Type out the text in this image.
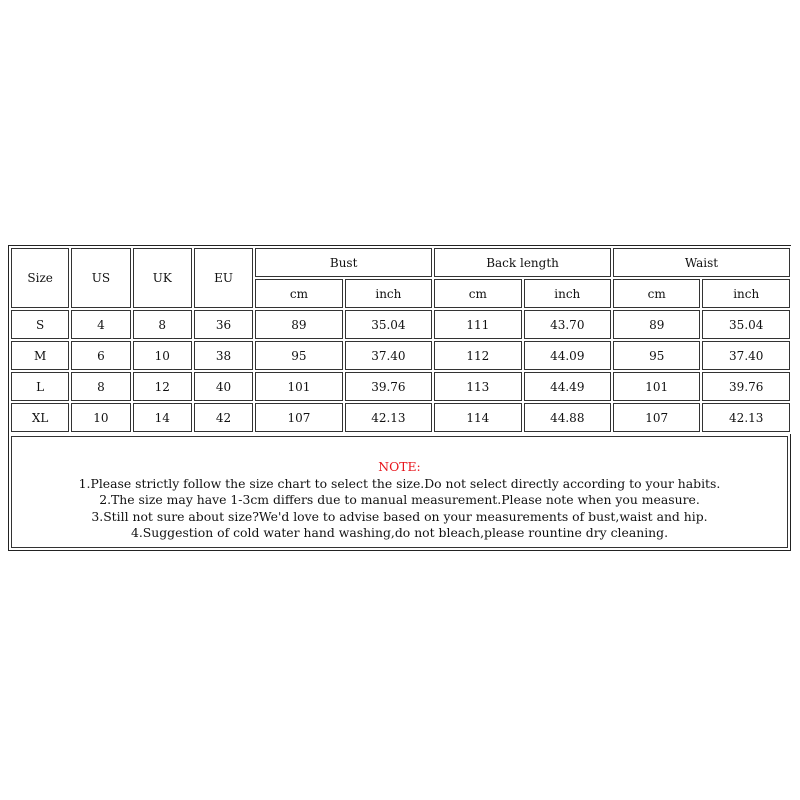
Size	US	UK	EU	Bust		Back length		Waist	
				cm	inch	cm	inch	cm	inch
S	4	8	36	89	35.04	111	43.70	89	35.04
M	6	10	38	95	37.40	112	44.09	95	37.40
L	8	12	40	101	39.76	113	44.49	101	39.76
XL	10	14	42	107	42.13	114	44.88	107	42.13
NOTE:
1.Please strictly follow the size chart to select the size.Do not select directly according to your habits.
2.The size may have 1-3cm differs due to manual measurement.Please note when you measure.
3.Still not sure about size?We'd love to advise based on your measurements of bust,waist and hip.
4.Suggestion of cold water hand washing,do not bleach,please rountine dry cleaning.
